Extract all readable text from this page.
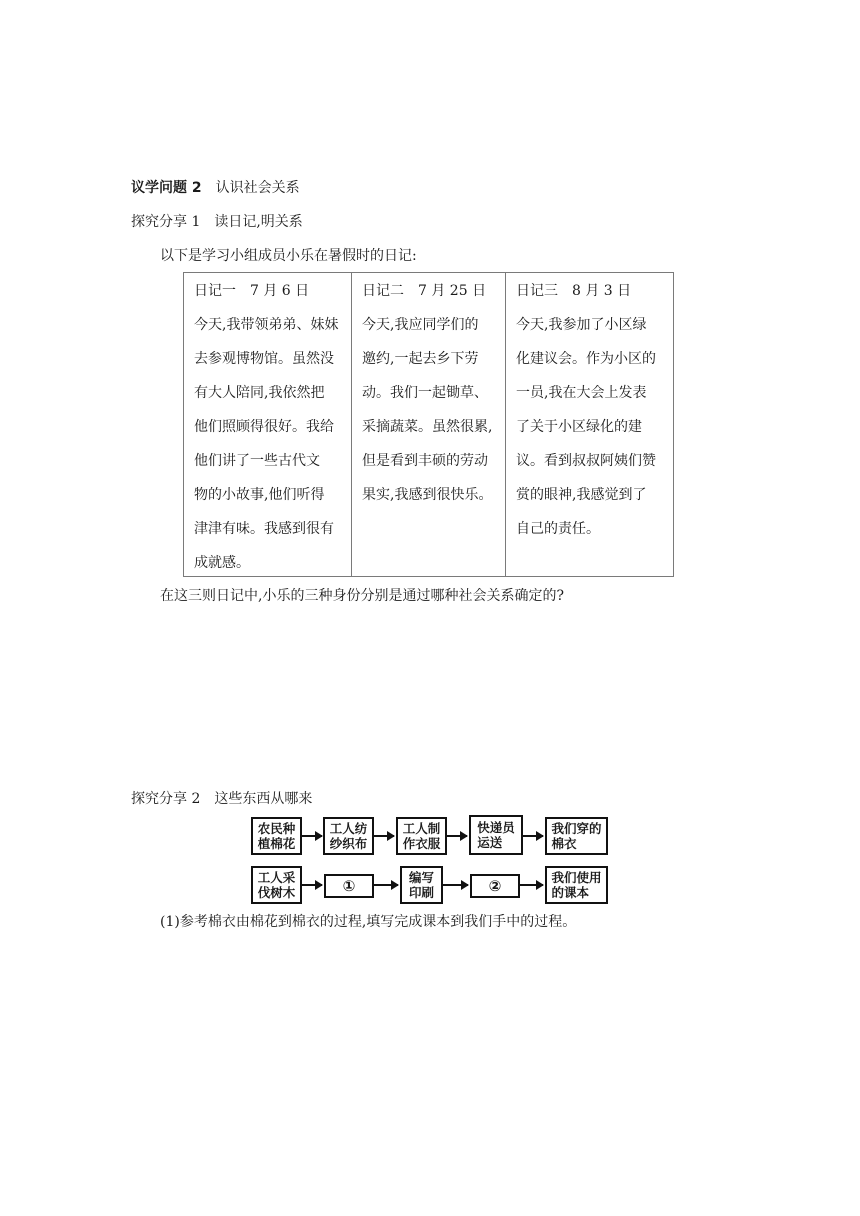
议学问题 2　 认识社会关系
探究分享 1　 读日记,明关系
以下是学习小组成员小乐在暑假时的日记:
日记一　7 月 6 日
今天,我带领弟弟、妹妹
去参观博物馆。虽然没
有大人陪同,我依然把
他们照顾得很好。我给
他们讲了一些古代文
物的小故事,他们听得
津津有味。我感到很有
成就感。
日记二　7 月 25 日
今天,我应同学们的
邀约,一起去乡下劳
动。我们一起锄草、
采摘蔬菜。虽然很累,
但是看到丰硕的劳动
果实,我感到很快乐。
日记三　8 月 3 日
今天,我参加了小区绿
化建议会。作为小区的
一员,我在大会上发表
了关于小区绿化的建
议。看到叔叔阿姨们赞
赏的眼神,我感觉到了
自己的责任。
在这三则日记中,小乐的三种身份分别是通过哪种社会关系确定的?
探究分享 2　 这些东西从哪来
农民种
植棉花
工人纺
纱织布
工人制
作衣服
快递员
运送
我们穿的
棉衣
工人采
伐树木	①	编写
印刷	②	我们使用
的课本
(1)参考棉衣由棉花到棉衣的过程,填写完成课本到我们手中的过程。
